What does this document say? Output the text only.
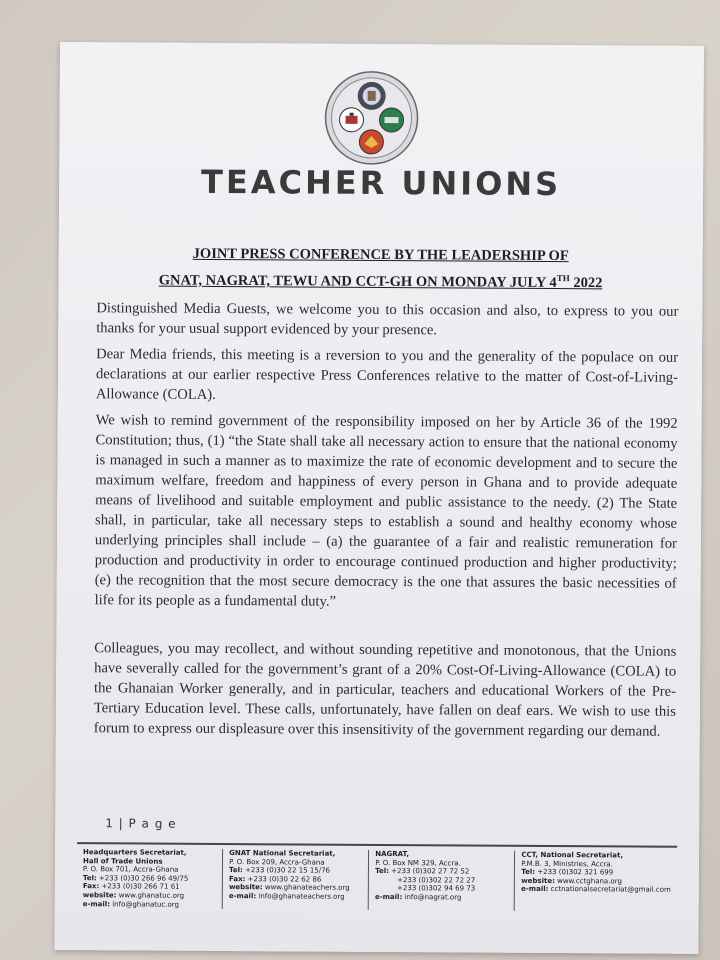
TEACHER UNIONS
JOINT PRESS CONFERENCE BY THE LEADERSHIP OF
GNAT, NAGRAT, TEWU AND CCT-GH ON MONDAY JULY 4TH 2022

Distinguished Media Guests, we welcome you to this occasion and also, to express to you our thanks for your usual support evidenced by your presence.

Dear Media friends, this meeting is a reversion to you and the generality of the populace on our declarations at our earlier respective Press Conferences relative to the matter of Cost-of-Living-Allowance (COLA).

We wish to remind government of the responsibility imposed on her by Article 36 of the 1992 Constitution; thus, (1) “the State shall take all necessary action to ensure that the national economy is managed in such a manner as to maximize the rate of economic development and to secure the maximum welfare, freedom and happiness of every person in Ghana and to provide adequate means of livelihood and suitable employment and public assistance to the needy. (2) The State shall, in particular, take all necessary steps to establish a sound and healthy economy whose underlying principles shall include – (a) the guarantee of a fair and realistic remuneration for production and productivity in order to encourage continued production and higher productivity; (e) the recognition that the most secure democracy is the one that assures the basic necessities of life for its people as a fundamental duty.”

Colleagues, you may recollect, and without sounding repetitive and monotonous, that the Unions have severally called for the government’s grant of a 20% Cost-Of-Living-Allowance (COLA) to the Ghanaian Worker generally, and in particular, teachers and educational Workers of the Pre-Tertiary Education level. These calls, unfortunately, have fallen on deaf ears. We wish to use this forum to express our displeasure over this insensitivity of the government regarding our demand.

1 | P a g e
Headquarters Secretariat,
Hall of Trade Unions
P. O. Box 701, Accra-Ghana
Tel: +233 (0)30 266 96 49/75
Fax: +233 (0)30 266 71 61
website: www.ghanatuc.org
e-mail: info@ghanatuc.org
GNAT National Secretariat,
P. O. Box 209, Accra-Ghana
Tel: +233 (0)30 22 15 15/76
Fax: +233 (0)30 22 62 86
website: www.ghanateachers.org
e-mail: info@ghanateachers.org
NAGRAT,
P. O. Box NM 329, Accra.
Tel: +233 (0)302 27 72 52
+233 (0)302 22 72 27
+233 (0)302 94 69 73
e-mail: info@nagrat.org
CCT, National Secretariat,
P.M.B. 3, Ministries, Accra.
Tel: +233 (0)302 321 699
website: www.cctghana.org
e-mail: cctnationalsecretariat@gmail.com
